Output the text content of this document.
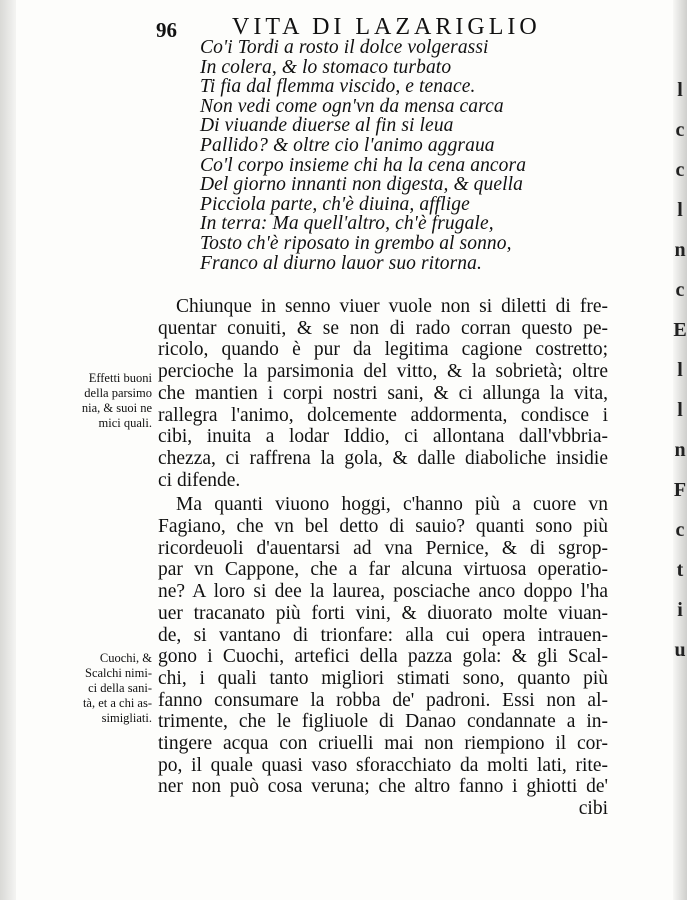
l
c
c
l
n
c
E
l
l
n
F
c
t
i
u
96 VITA DI LAZARIGLIO
Co'i Tordi a rosto il dolce volgerassi
In colera, & lo stomaco turbato
Ti fia dal flemma viscido, e tenace.
Non vedi come ogn'vn da mensa carca
Di viuande diuerse al fin si leua
Pallido? & oltre cio l'animo aggraua
Co'l corpo insieme chi ha la cena ancora
Del giorno innanti non digesta, & quella
Picciola parte, ch'è diuina, afflige
In terra: Ma quell'altro, ch'è frugale,
Tosto ch'è riposato in grembo al sonno,
Franco al diurno lauor suo ritorna.
Effetti buoni
della parsimo
nia, & suoi ne
mici quali.
Cuochi, &
Scalchi nimi-
ci della sani-
tà, et a chi as-
simigliati.
Chiunque in senno viuer vuole non si diletti di fre-
quentar conuiti, & se non di rado corran questo pe-
ricolo, quando è pur da legitima cagione costretto;
percioche la parsimonia del vitto, & la sobrietà; oltre
che mantien i corpi nostri sani, & ci allunga la vita,
rallegra l'animo, dolcemente addormenta, condisce i
cibi, inuita a lodar Iddio, ci allontana dall'vbbria-
chezza, ci raffrena la gola, & dalle diaboliche insidie
ci difende.
Ma quanti viuono hoggi, c'hanno più a cuore vn
Fagiano, che vn bel detto di sauio? quanti sono più
ricordeuoli d'auentarsi ad vna Pernice, & di sgrop-
par vn Cappone, che a far alcuna virtuosa operatio-
ne? A loro si dee la laurea, posciache anco doppo l'ha
uer tracanato più forti vini, & diuorato molte viuan-
de, si vantano di trionfare: alla cui opera intrauen-
gono i Cuochi, artefici della pazza gola: & gli Scal-
chi, i quali tanto migliori stimati sono, quanto più
fanno consumare la robba de' padroni. Essi non al-
trimente, che le figliuole di Danao condannate a in-
tingere acqua con criuelli mai non riempiono il cor-
po, il quale quasi vaso sforacchiato da molti lati, rite-
ner non può cosa veruna; che altro fanno i ghiotti de'
cibi
